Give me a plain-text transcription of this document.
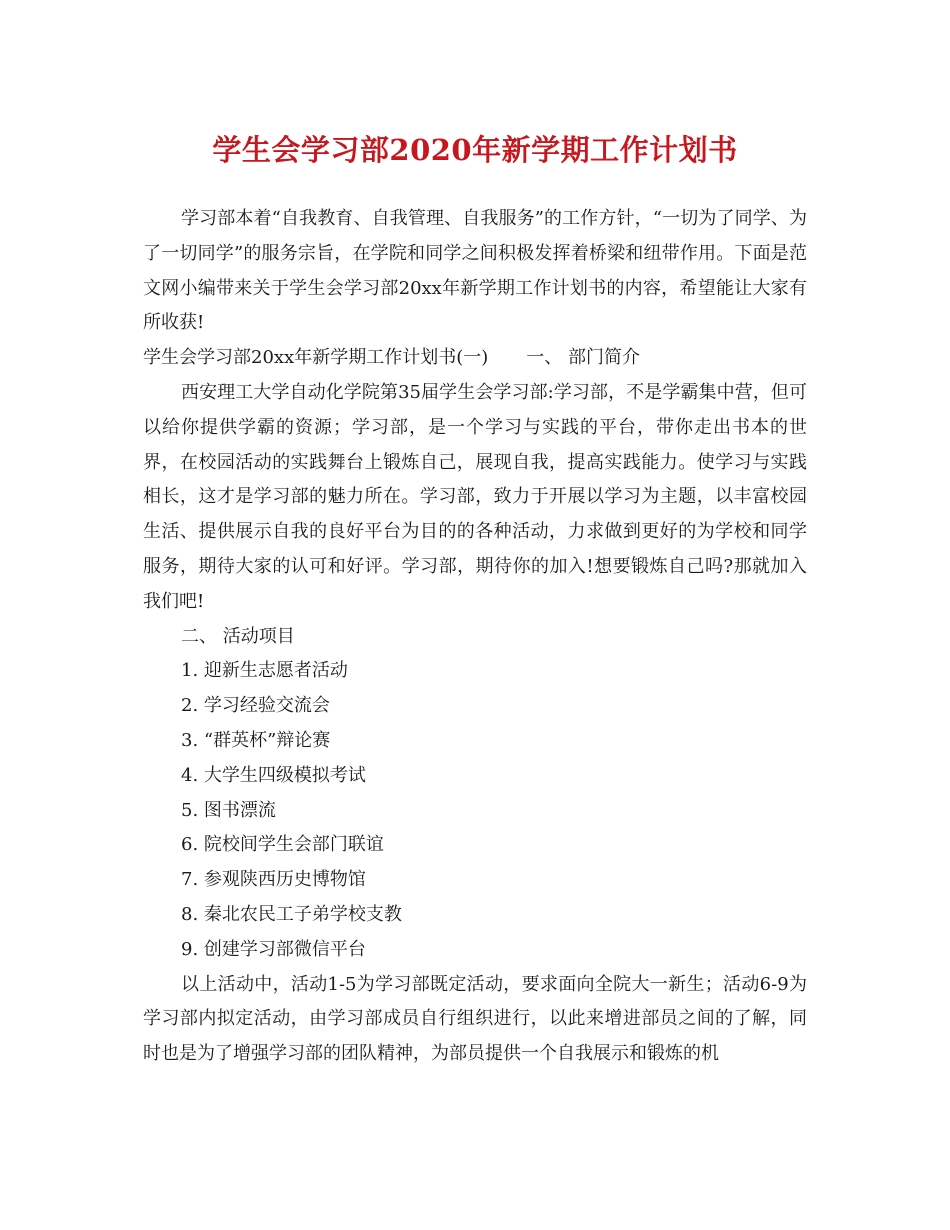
学生会学习部2020年新学期工作计划书

学习部本着“自我教育、自我管理、自我服务”的工作方针，“一切为了同学、为了一切同学”的服务宗旨，在学院和同学之间积极发挥着桥梁和纽带作用。下面是范文网小编带来关于学生会学习部20xx年新学期工作计划书的内容，希望能让大家有所收获!

学生会学习部20xx年新学期工作计划书(一) 一、 部门简介

西安理工大学自动化学院第35届学生会学习部:学习部，不是学霸集中营，但可以给你提供学霸的资源；学习部，是一个学习与实践的平台，带你走出书本的世界，在校园活动的实践舞台上锻炼自己，展现自我，提高实践能力。使学习与实践相长，这才是学习部的魅力所在。学习部，致力于开展以学习为主题，以丰富校园生活、提供展示自我的良好平台为目的的各种活动，力求做到更好的为学校和同学服务，期待大家的认可和好评。学习部，期待你的加入!想要锻炼自己吗?那就加入我们吧!

二、 活动项目

1. 迎新生志愿者活动

2. 学习经验交流会

3. “群英杯”辩论赛

4. 大学生四级模拟考试

5. 图书漂流

6. 院校间学生会部门联谊

7. 参观陕西历史博物馆

8. 秦北农民工子弟学校支教

9. 创建学习部微信平台

以上活动中，活动1-5为学习部既定活动，要求面向全院大一新生；活动6-9为学习部内拟定活动，由学习部成员自行组织进行，以此来增进部员之间的了解，同时也是为了增强学习部的团队精神，为部员提供一个自我展示和锻炼的机
